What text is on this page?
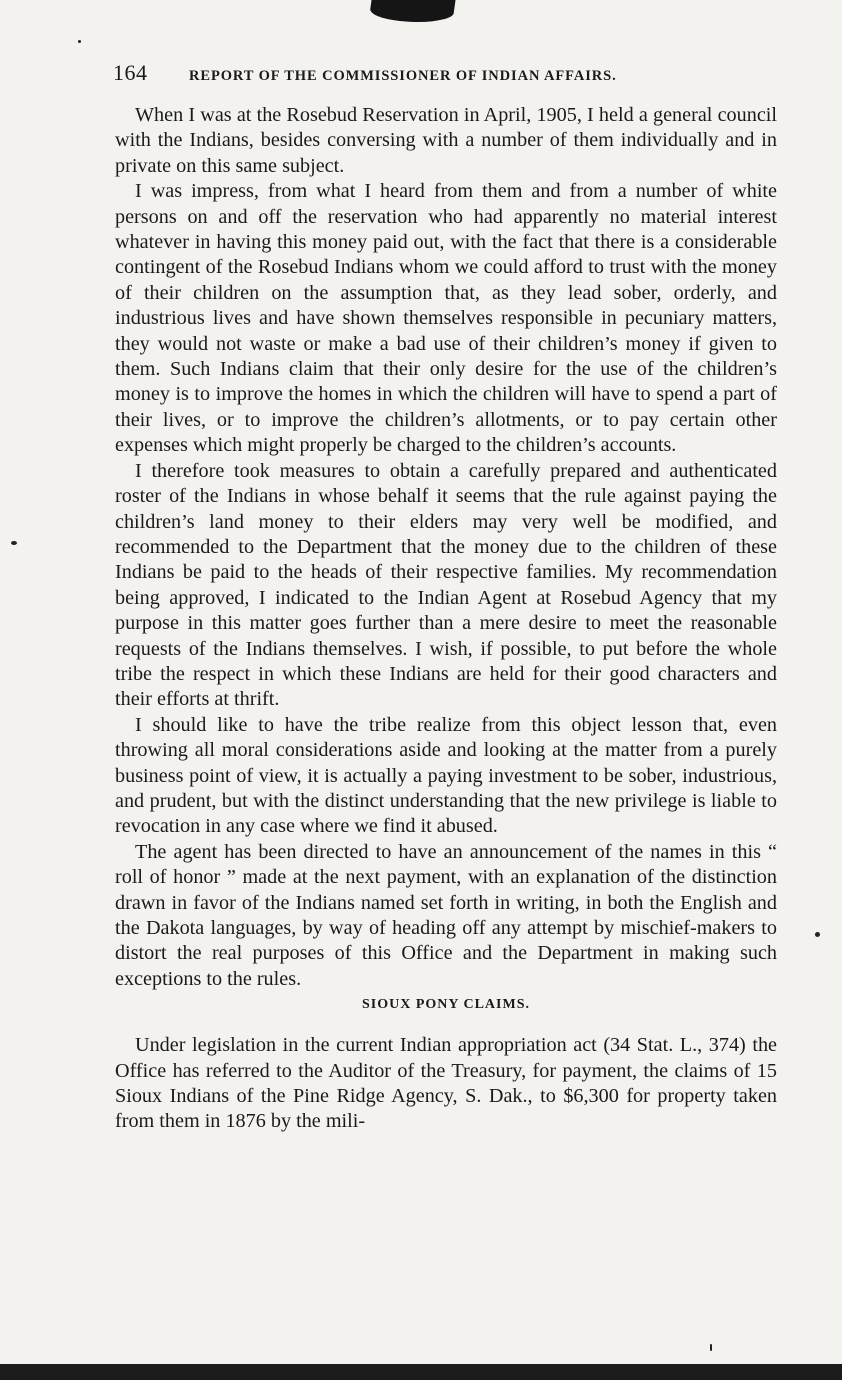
164	REPORT OF THE COMMISSIONER OF INDIAN AFFAIRS.

When I was at the Rosebud Reservation in April, 1905, I held a general council with the Indians, besides conversing with a number of them individually and in private on this same subject.

I was impress, from what I heard from them and from a number of white persons on and off the reservation who had apparently no material interest whatever in having this money paid out, with the fact that there is a considerable contingent of the Rosebud Indians whom we could afford to trust with the money of their children on the assumption that, as they lead sober, orderly, and industrious lives and have shown themselves responsible in pecuniary matters, they would not waste or make a bad use of their children’s money if given to them. Such Indians claim that their only desire for the use of the children’s money is to improve the homes in which the children will have to spend a part of their lives, or to improve the children’s allotments, or to pay certain other expenses which might properly be charged to the children’s accounts.

I therefore took measures to obtain a carefully prepared and authenticated roster of the Indians in whose behalf it seems that the rule against paying the children’s land money to their elders may very well be modified, and recommended to the Department that the money due to the children of these Indians be paid to the heads of their respective families. My recommendation being approved, I indicated to the Indian Agent at Rosebud Agency that my purpose in this matter goes further than a mere desire to meet the reasonable requests of the Indians themselves. I wish, if possible, to put before the whole tribe the respect in which these Indians are held for their good characters and their efforts at thrift.

I should like to have the tribe realize from this object lesson that, even throwing all moral considerations aside and looking at the matter from a purely business point of view, it is actually a paying investment to be sober, industrious, and prudent, but with the distinct understanding that the new privilege is liable to revocation in any case where we find it abused.

The agent has been directed to have an announcement of the names in this “ roll of honor ” made at the next payment, with an explanation of the distinction drawn in favor of the Indians named set forth in writing, in both the English and the Dakota languages, by way of heading off any attempt by mischief-makers to distort the real purposes of this Office and the Department in making such exceptions to the rules.

SIOUX PONY CLAIMS.

Under legislation in the current Indian appropriation act (34 Stat. L., 374) the Office has referred to the Auditor of the Treasury, for payment, the claims of 15 Sioux Indians of the Pine Ridge Agency, S. Dak., to $6,300 for property taken from them in 1876 by the mili-
